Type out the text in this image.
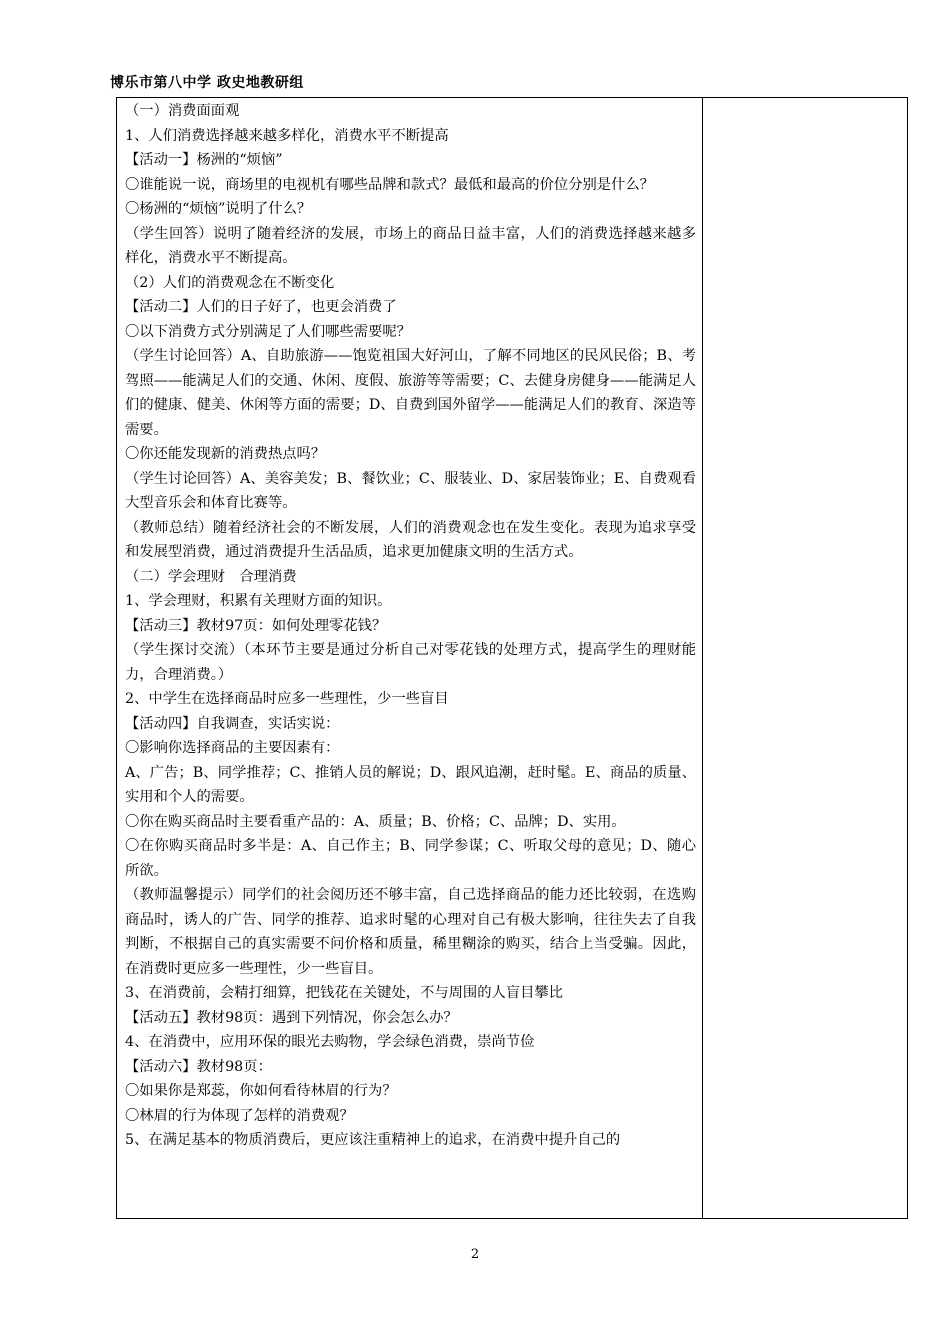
博乐市第八中学 政史地教研组
（一）消费面面观
1、人们消费选择越来越多样化，消费水平不断提高
【活动一】杨洲的“烦恼”
〇谁能说一说，商场里的电视机有哪些品牌和款式？最低和最高的价位分别是什么？
〇杨洲的“烦恼”说明了什么？
（学生回答）说明了随着经济的发展，市场上的商品日益丰富，人们的消费选择越来越多样化，消费水平不断提高。
（2）人们的消费观念在不断变化
【活动二】人们的日子好了，也更会消费了
〇以下消费方式分别满足了人们哪些需要呢？
（学生讨论回答）A、自助旅游——饱览祖国大好河山，了解不同地区的民风民俗；B、考驾照——能满足人们的交通、休闲、度假、旅游等等需要；C、去健身房健身——能满足人们的健康、健美、休闲等方面的需要；D、自费到国外留学——能满足人们的教育、深造等需要。
〇你还能发现新的消费热点吗？
（学生讨论回答）A、美容美发；B、餐饮业；C、服装业、D、家居装饰业；E、自费观看大型音乐会和体育比赛等。
（教师总结）随着经济社会的不断发展，人们的消费观念也在发生变化。表现为追求享受和发展型消费，通过消费提升生活品质，追求更加健康文明的生活方式。
（二）学会理财　合理消费
1、学会理财，积累有关理财方面的知识。
【活动三】教材97页：如何处理零花钱？
（学生探讨交流）（本环节主要是通过分析自己对零花钱的处理方式，提高学生的理财能力，合理消费。）
2、中学生在选择商品时应多一些理性，少一些盲目
【活动四】自我调查，实话实说：
〇影响你选择商品的主要因素有：
A、广告；B、同学推荐；C、推销人员的解说；D、跟风追潮，赶时髦。E、商品的质量、实用和个人的需要。
〇你在购买商品时主要看重产品的：A、质量；B、价格；C、品牌；D、实用。
〇在你购买商品时多半是：A、自己作主；B、同学参谋；C、听取父母的意见；D、随心所欲。
（教师温馨提示）同学们的社会阅历还不够丰富，自己选择商品的能力还比较弱，在选购商品时，诱人的广告、同学的推荐、追求时髦的心理对自己有极大影响，往往失去了自我判断，不根据自己的真实需要不问价格和质量，稀里糊涂的购买，结合上当受骗。因此，在消费时更应多一些理性，少一些盲目。
3、在消费前，会精打细算，把钱花在关键处，不与周围的人盲目攀比
【活动五】教材98页：遇到下列情况，你会怎么办？
4、在消费中，应用环保的眼光去购物，学会绿色消费，崇尚节俭
【活动六】教材98页：
〇如果你是郑蕊，你如何看待林眉的行为？
〇林眉的行为体现了怎样的消费观？
5、在满足基本的物质消费后，更应该注重精神上的追求，在消费中提升自己的
2
